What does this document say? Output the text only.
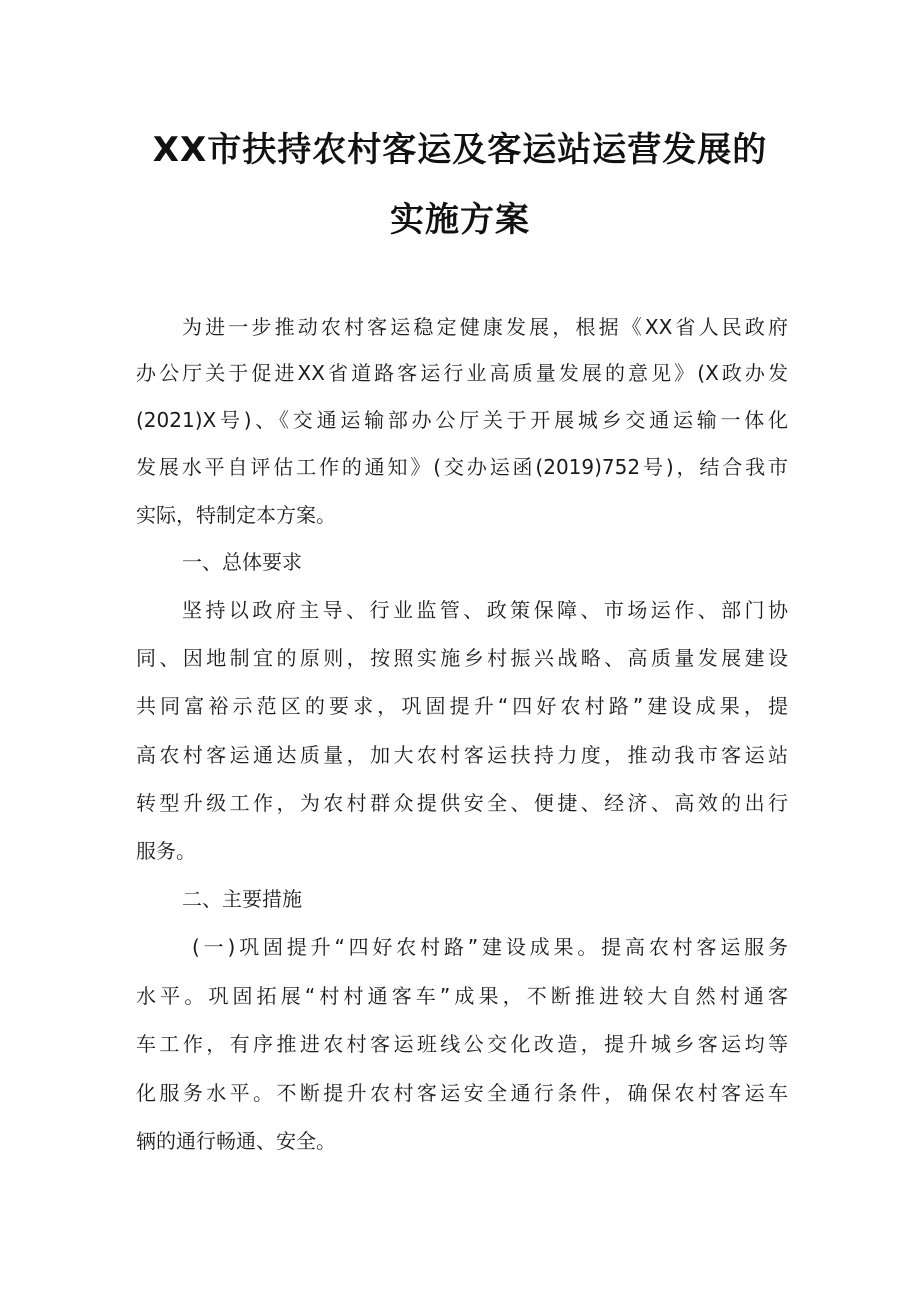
XX市扶持农村客运及客运站运营发展的
实施方案
为进一步推动农村客运稳定健康发展，根据《XX省人民政府
办公厅关于促进XX省道路客运行业高质量发展的意见》(X政办发
(2021)X号)、《交通运输部办公厅关于开展城乡交通运输一体化
发展水平自评估工作的通知》(交办运函(2019)752号)，结合我市
实际，特制定本方案。
一、总体要求
坚持以政府主导、行业监管、政策保障、市场运作、部门协
同、因地制宜的原则，按照实施乡村振兴战略、高质量发展建设
共同富裕示范区的要求，巩固提升“四好农村路”建设成果，提
高农村客运通达质量，加大农村客运扶持力度，推动我市客运站
转型升级工作，为农村群众提供安全、便捷、经济、高效的出行
服务。
二、主要措施
(一)巩固提升“四好农村路”建设成果。提高农村客运服务
水平。巩固拓展“村村通客车”成果，不断推进较大自然村通客
车工作，有序推进农村客运班线公交化改造，提升城乡客运均等
化服务水平。不断提升农村客运安全通行条件，确保农村客运车
辆的通行畅通、安全。
